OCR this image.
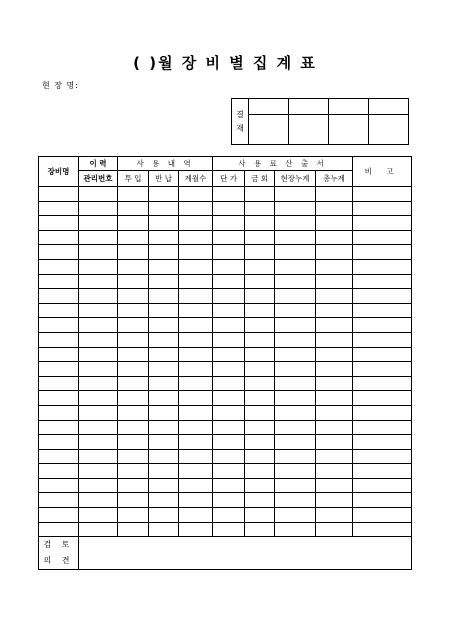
( )월 장 비 별 집 계 표
현 장 명:
결
재				

장비명	이 력	사 용 내 역			사 용 료 산 출 서				비 고
	관리번호	투 입	반 납	계월수	단 가	금 회	현장누계	총누계	

검 토
의 견									
